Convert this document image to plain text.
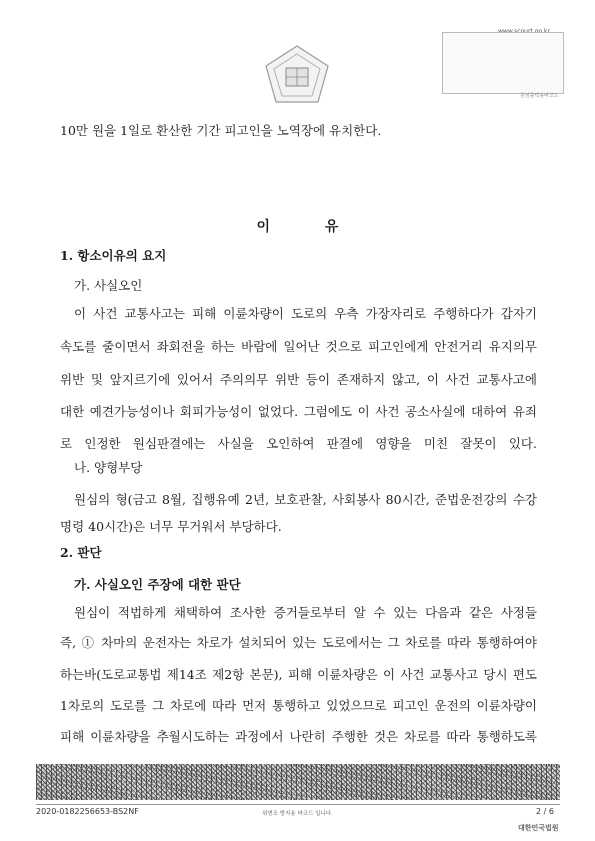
원심출력용바코드
10만 원을 1일로 환산한 기간 피고인을 노역장에 유치한다.
이 유
1. 항소이유의 요지
가. 사실오인
이 사건 교통사고는 피해 이륜차량이 도로의 우측 가장자리로 주행하다가 갑자기
속도를 줄이면서 좌회전을 하는 바람에 일어난 것으로 피고인에게 안전거리 유지의무
위반 및 앞지르기에 있어서 주의의무 위반 등이 존재하지 않고, 이 사건 교통사고에
대한 예견가능성이나 회피가능성이 없었다. 그럼에도 이 사건 공소사실에 대하여 유죄
로 인정한 원심판결에는 사실을 오인하여 판결에 영향을 미친 잘못이 있다.
나. 양형부당
원심의 형(금고 8월, 집행유예 2년, 보호관찰, 사회봉사 80시간, 준법운전강의 수강
명령 40시간)은 너무 무거워서 부당하다.
2. 판단
가. 사실오인 주장에 대한 판단
원심이 적법하게 채택하여 조사한 증거들로부터 알 수 있는 다음과 같은 사정들
즉, ① 차마의 운전자는 차로가 설치되어 있는 도로에서는 그 차로를 따라 통행하여야
하는바(도로교통법 제14조 제2항 본문), 피해 이륜차량은 이 사건 교통사고 당시 편도
1차로의 도로를 그 차로에 따라 먼저 통행하고 있었으므로 피고인 운전의 이륜차량이
피해 이륜차량을 추월시도하는 과정에서 나란히 주행한 것은 차로를 따라 통행하도록
2020-0182256653-BS2NF	위변조 방지용 바코드 입니다.	2 / 6
대한민국법원
